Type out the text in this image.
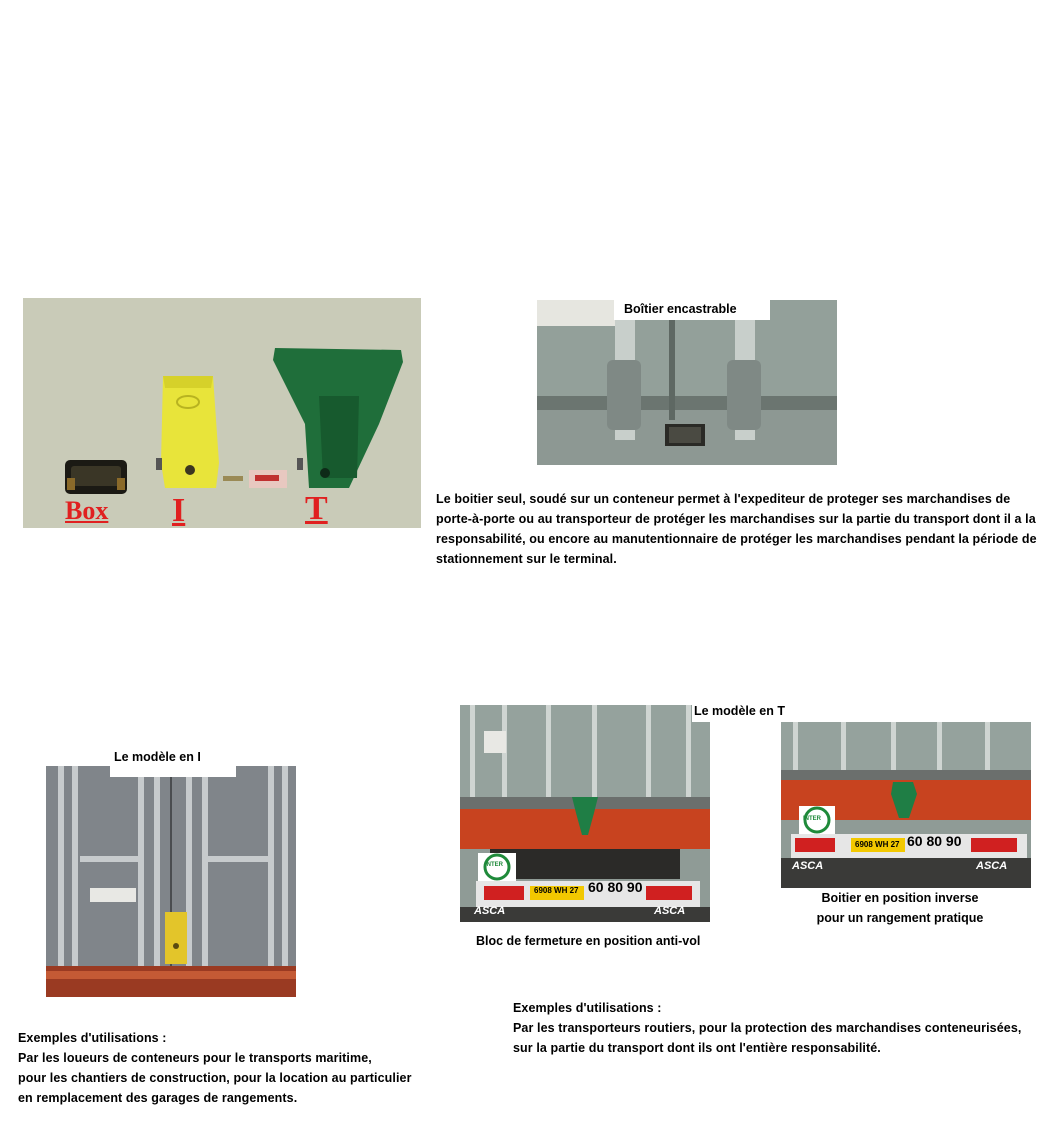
Box I	T
Boîtier encastrable
Le boitier seul, soudé sur un conteneur permet à l'expediteur de proteger ses marchandises de
porte-à-porte ou au transporteur de protéger les marchandises sur la partie du transport dont il a la
responsabilité, ou encore au manutentionnaire de protéger les marchandises pendant la période de
stationnement sur le terminal.
Le modèle en I
Exemples d'utilisations :
Par les loueurs de conteneurs pour le transports maritime,
pour les chantiers de construction, pour la location au particulier
en remplacement des garages de rangements.
6908 WH 27 60 80 90
ASCA	ASCA
INTER
Le modèle en T
Bloc de fermeture en position anti-vol
6908 WH 27 60 80 90
ASCA	ASCA
INTER
Boitier en position inverse
pour un rangement pratique
Exemples d'utilisations :
Par les transporteurs routiers, pour la protection des marchandises conteneurisées,
sur la partie du transport dont ils ont l'entière responsabilité.
